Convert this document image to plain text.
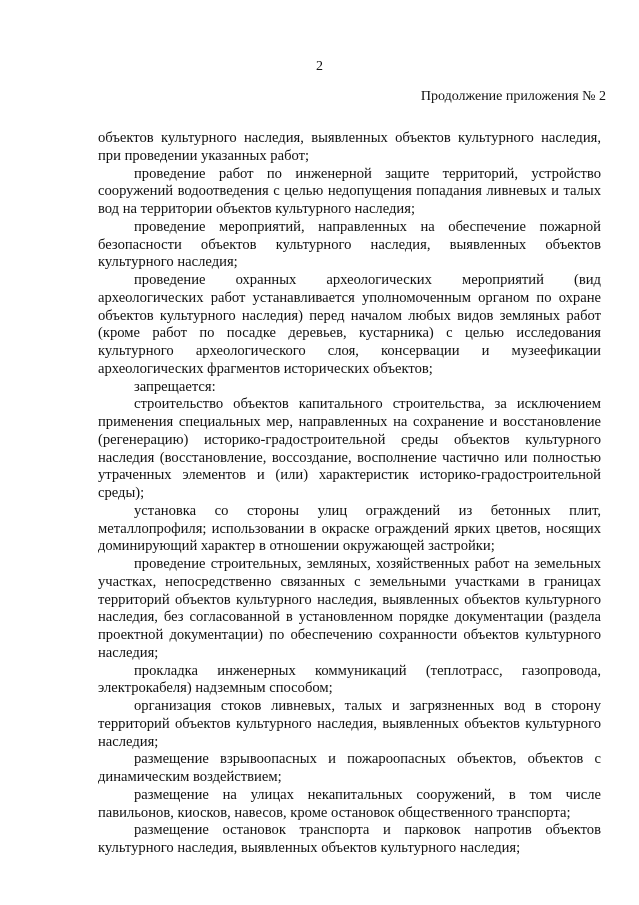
2
Продолжение приложения № 2

объектов культурного наследия, выявленных объектов культурного наследия, при проведении указанных работ;

проведение работ по инженерной защите территорий, устройство сооружений водоотведения с целью недопущения попадания ливневых и талых вод на территории объектов культурного наследия;

проведение мероприятий, направленных на обеспечение пожарной безопасности объектов культурного наследия, выявленных объектов культурного наследия;

проведение охранных археологических мероприятий (вид археологических работ устанавливается уполномоченным органом по охране объектов культурного наследия) перед началом любых видов земляных работ (кроме работ по посадке деревьев, кустарника) с целью исследования культурного археологического слоя, консервации и музеефикации археологических фрагментов исторических объектов;

запрещается:

строительство объектов капитального строительства, за исключением применения специальных мер, направленных на сохранение и восстановление (регенерацию) историко-градостроительной среды объектов культурного наследия (восстановление, воссоздание, восполнение частично или полностью утраченных элементов и (или) характеристик историко-градостроительной среды);

установка со стороны улиц ограждений из бетонных плит, металлопрофиля; использовании в окраске ограждений ярких цветов, носящих доминирующий характер в отношении окружающей застройки;

проведение строительных, земляных, хозяйственных работ на земельных участках, непосредственно связанных с земельными участками в границах территорий объектов культурного наследия, выявленных объектов культурного наследия, без согласованной в установленном порядке документации (раздела проектной документации) по обеспечению сохранности объектов культурного наследия;

прокладка инженерных коммуникаций (теплотрасс, газопровода, электрокабеля) надземным способом;

организация стоков ливневых, талых и загрязненных вод в сторону территорий объектов культурного наследия, выявленных объектов культурного наследия;

размещение взрывоопасных и пожароопасных объектов, объектов с динамическим воздействием;

размещение на улицах некапитальных сооружений, в том числе павильонов, киосков, навесов, кроме остановок общественного транспорта;

размещение остановок транспорта и парковок напротив объектов культурного наследия, выявленных объектов культурного наследия;
